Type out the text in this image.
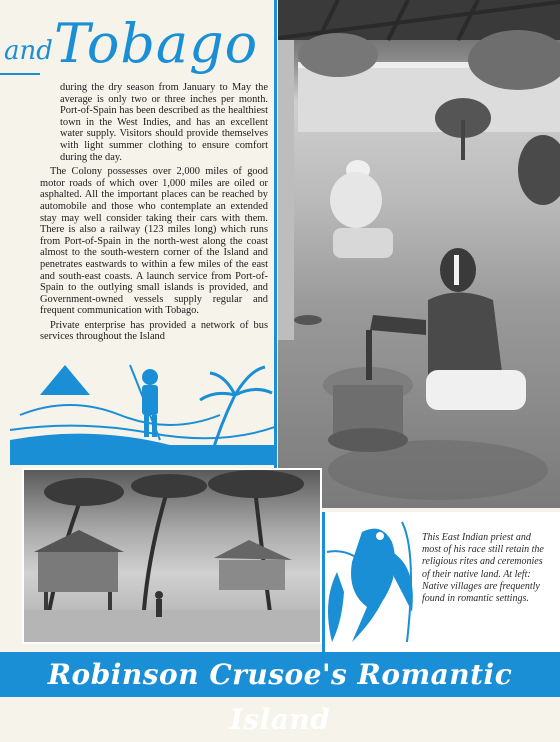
and Tobago

during the dry season from January to May the average is only two or three inches per month. Port-of-Spain has been described as the healthiest town in the West Indies, and has an excellent water supply. Visitors should provide themselves with light summer clothing to ensure comfort during the day.

The Colony possesses over 2,000 miles of good motor roads of which over 1,000 miles are oiled or asphalted. All the important places can be reached by automobile and those who contemplate an extended stay may well consider taking their cars with them. There is also a railway (123 miles long) which runs from Port-of-Spain in the north-west along the coast almost to the south-western corner of the Island and penetrates eastwards to within a few miles of the east and south-east coasts. A launch service from Port-of-Spain to the outlying small islands is provided, and Government-owned vessels supply regular and frequent communication with Tobago.

Private enterprise has provided a network of bus services throughout the Island

This East Indian priest and most of his race still retain the religious rites and ceremonies of their native land. At left: Native villages are frequently found in romantic settings.
Robinson Crusoe's Romantic Island
